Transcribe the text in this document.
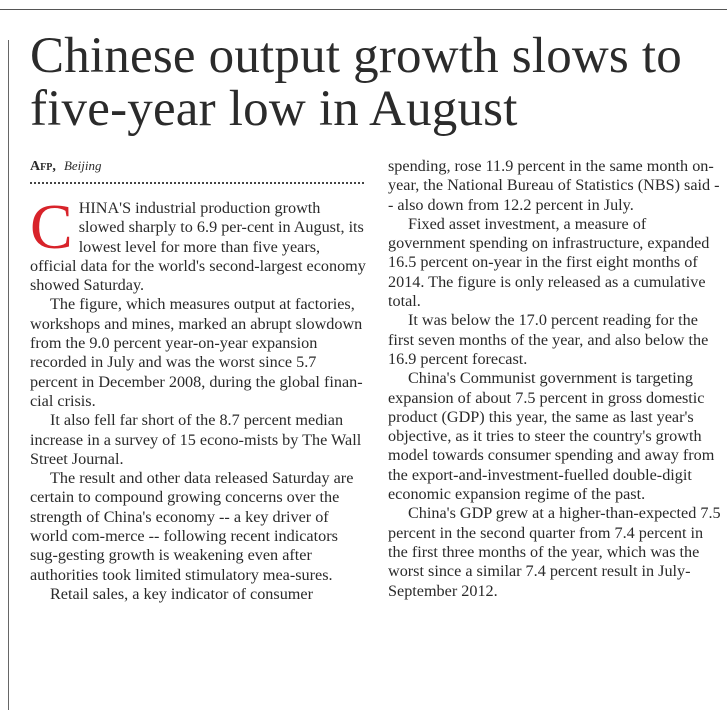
Chinese output growth slows to five-year low in August
Afp, Beijing

CHINA'S industrial production growth slowed sharply to 6.9 per-cent in August, its lowest level for more than five years, official data for the world's second-largest economy showed Saturday.

The figure, which measures output at factories, workshops and mines, marked an abrupt slowdown from the 9.0 percent year-on-year expansion recorded in July and was the worst since 5.7 percent in December 2008, during the global finan-cial crisis.

It also fell far short of the 8.7 percent median increase in a survey of 15 econo-mists by The Wall Street Journal.

The result and other data released Saturday are certain to compound growing concerns over the strength of China's economy -- a key driver of world com-merce -- following recent indicators sug-gesting growth is weakening even after authorities took limited stimulatory mea-sures.

Retail sales, a key indicator of consumer

spending, rose 11.9 percent in the same month on-year, the National Bureau of Statistics (NBS) said -- also down from 12.2 percent in July.

Fixed asset investment, a measure of government spending on infrastructure, expanded 16.5 percent on-year in the first eight months of 2014. The figure is only released as a cumulative total.

It was below the 17.0 percent reading for the first seven months of the year, and also below the 16.9 percent forecast.

China's Communist government is targeting expansion of about 7.5 percent in gross domestic product (GDP) this year, the same as last year's objective, as it tries to steer the country's growth model towards consumer spending and away from the export-and-investment-fuelled double-digit economic expansion regime of the past.

China's GDP grew at a higher-than-expected 7.5 percent in the second quarter from 7.4 percent in the first three months of the year, which was the worst since a similar 7.4 percent result in July-September 2012.
